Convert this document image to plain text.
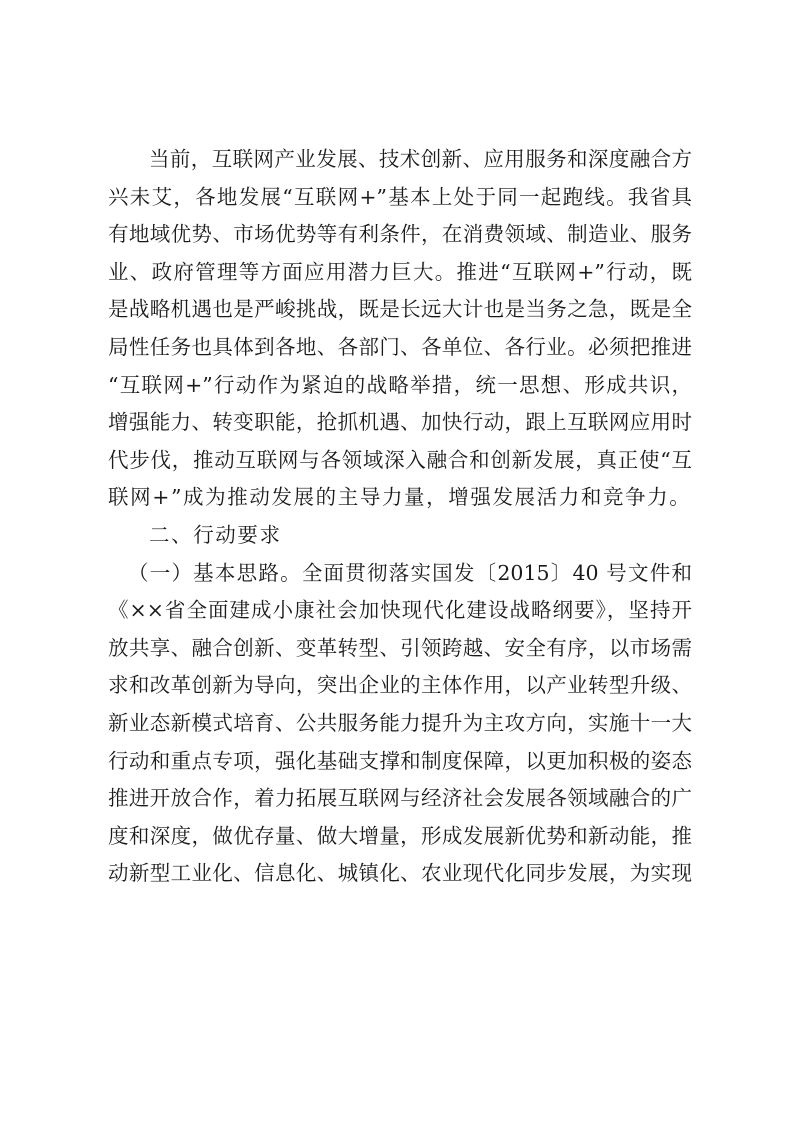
当前，互联网产业发展、技术创新、应用服务和深度融合方
兴未艾，各地发展“互联网+”基本上处于同一起跑线。我省具
有地域优势、市场优势等有利条件，在消费领域、制造业、服务
业、政府管理等方面应用潜力巨大。推进“互联网+”行动，既
是战略机遇也是严峻挑战，既是长远大计也是当务之急，既是全
局性任务也具体到各地、各部门、各单位、各行业。必须把推进
“互联网+”行动作为紧迫的战略举措，统一思想、形成共识，
增强能力、转变职能，抢抓机遇、加快行动，跟上互联网应用时
代步伐，推动互联网与各领域深入融合和创新发展，真正使“互
联网+”成为推动发展的主导力量，增强发展活力和竞争力。
二、行动要求
（一）基本思路。全面贯彻落实国发〔2015〕40 号文件和
《××省全面建成小康社会加快现代化建设战略纲要》，坚持开
放共享、融合创新、变革转型、引领跨越、安全有序，以市场需
求和改革创新为导向，突出企业的主体作用，以产业转型升级、
新业态新模式培育、公共服务能力提升为主攻方向，实施十一大
行动和重点专项，强化基础支撑和制度保障，以更加积极的姿态
推进开放合作，着力拓展互联网与经济社会发展各领域融合的广
度和深度，做优存量、做大增量，形成发展新优势和新动能，推
动新型工业化、信息化、城镇化、农业现代化同步发展，为实现
